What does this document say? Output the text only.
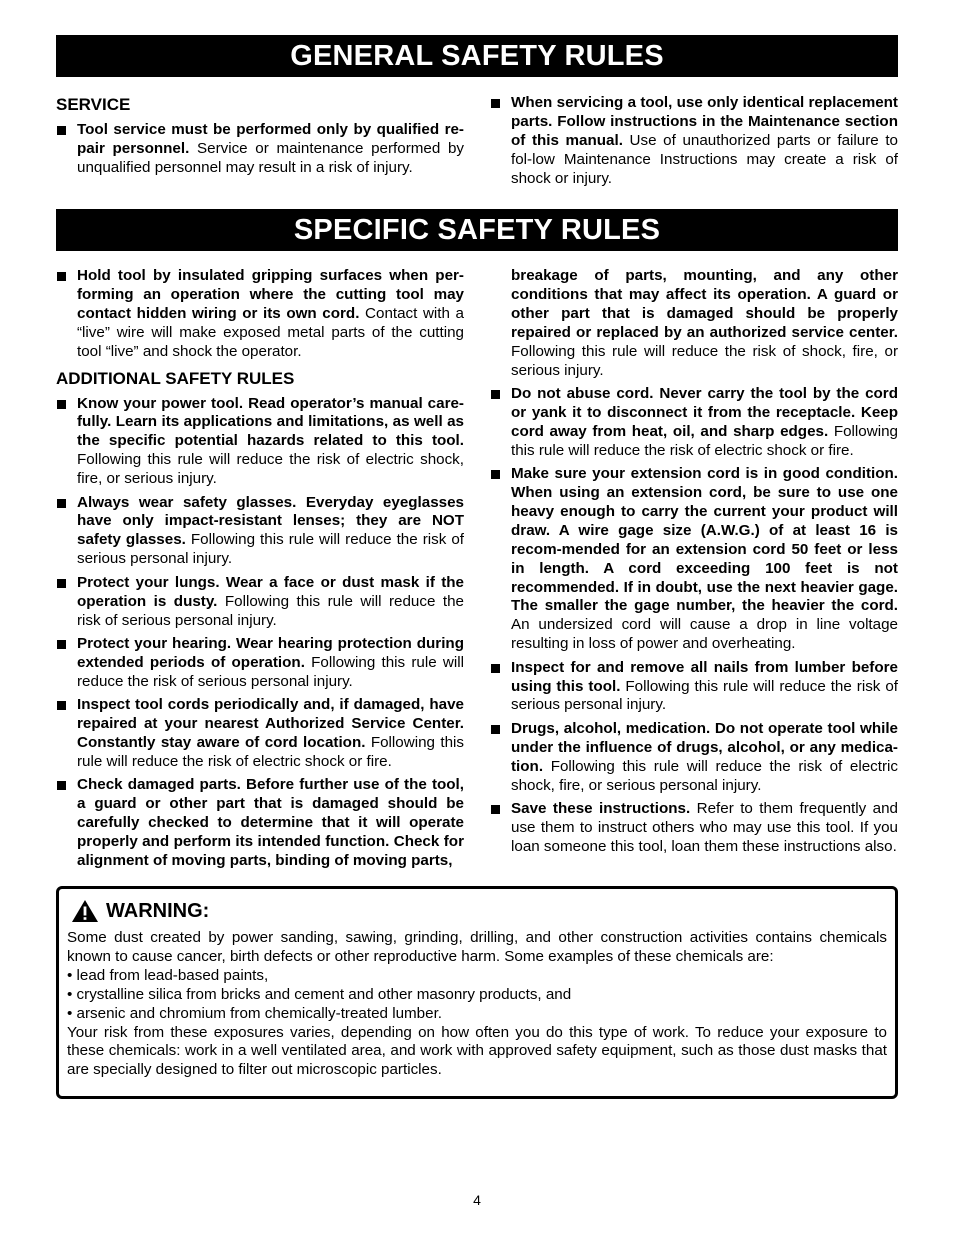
GENERAL SAFETY RULES
SERVICE
Tool service must be performed only by qualified re-pair personnel. Service or maintenance performed by unqualified personnel may result in a risk of injury.
When servicing a tool, use only identical replacement parts. Follow instructions in the Maintenance section of this manual. Use of unauthorized parts or failure to fol-low Maintenance Instructions may create a risk of shock or injury.
SPECIFIC SAFETY RULES
Hold tool by insulated gripping surfaces when per-forming an operation where the cutting tool may contact hidden wiring or its own cord. Contact with a “live” wire will make exposed metal parts of the cutting tool “live” and shock the operator.
ADDITIONAL SAFETY RULES
Know your power tool. Read operator’s manual care-fully. Learn its applications and limitations, as well as the specific potential hazards related to this tool. Following this rule will reduce the risk of electric shock, fire, or serious injury.
Always wear safety glasses. Everyday eyeglasses have only impact-resistant lenses; they are NOT safety glasses. Following this rule will reduce the risk of serious personal injury.
Protect your lungs. Wear a face or dust mask if the operation is dusty. Following this rule will reduce the risk of serious personal injury.
Protect your hearing. Wear hearing protection during extended periods of operation. Following this rule will reduce the risk of serious personal injury.
Inspect tool cords periodically and, if damaged, have repaired at your nearest Authorized Service Center. Constantly stay aware of cord location. Following this rule will reduce the risk of electric shock or fire.
Check damaged parts. Before further use of the tool, a guard or other part that is damaged should be carefully checked to determine that it will operate properly and perform its intended function. Check for alignment of moving parts, binding of moving parts,
breakage of parts, mounting, and any other conditions that may affect its operation. A guard or other part that is damaged should be properly repaired or replaced by an authorized service center. Following this rule will reduce the risk of shock, fire, or serious injury.
Do not abuse cord. Never carry the tool by the cord or yank it to disconnect it from the receptacle. Keep cord away from heat, oil, and sharp edges. Following this rule will reduce the risk of electric shock or fire.
Make sure your extension cord is in good condition. When using an extension cord, be sure to use one heavy enough to carry the current your product will draw. A wire gage size (A.W.G.) of at least 16 is recom-mended for an extension cord 50 feet or less in length. A cord exceeding 100 feet is not recommended. If in doubt, use the next heavier gage. The smaller the gage number, the heavier the cord. An undersized cord will cause a drop in line voltage resulting in loss of power and overheating.
Inspect for and remove all nails from lumber before using this tool. Following this rule will reduce the risk of serious personal injury.
Drugs, alcohol, medication. Do not operate tool while under the influence of drugs, alcohol, or any medica-tion. Following this rule will reduce the risk of electric shock, fire, or serious personal injury.
Save these instructions. Refer to them frequently and use them to instruct others who may use this tool. If you loan someone this tool, loan them these instructions also.
WARNING:
Some dust created by power sanding, sawing, grinding, drilling, and other construction activities contains chemicals known to cause cancer, birth defects or other reproductive harm. Some examples of these chemicals are:
• lead from lead-based paints,
• crystalline silica from bricks and cement and other masonry products, and
• arsenic and chromium from chemically-treated lumber.
Your risk from these exposures varies, depending on how often you do this type of work. To reduce your exposure to these chemicals: work in a well ventilated area, and work with approved safety equipment, such as those dust masks that are specially designed to filter out microscopic particles.
4
